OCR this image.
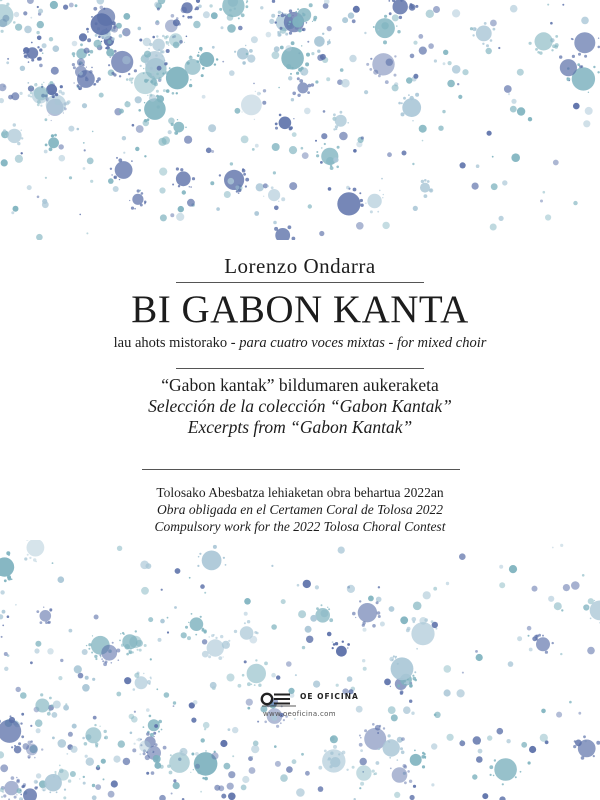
Lorenzo Ondarra
BI GABON KANTA
lau ahots mistorako - para cuatro voces mixtas - for mixed choir
“Gabon kantak” bildumaren aukeraketa
Selección de la colección “Gabon Kantak”
Excerpts from “Gabon Kantak”
Tolosako Abesbatza lehiaketan obra behartua 2022an
Obra obligada en el Certamen Coral de Tolosa 2022
Compulsory work for the 2022 Tolosa Choral Contest
OE OFICINA
www.oeoficina.com
